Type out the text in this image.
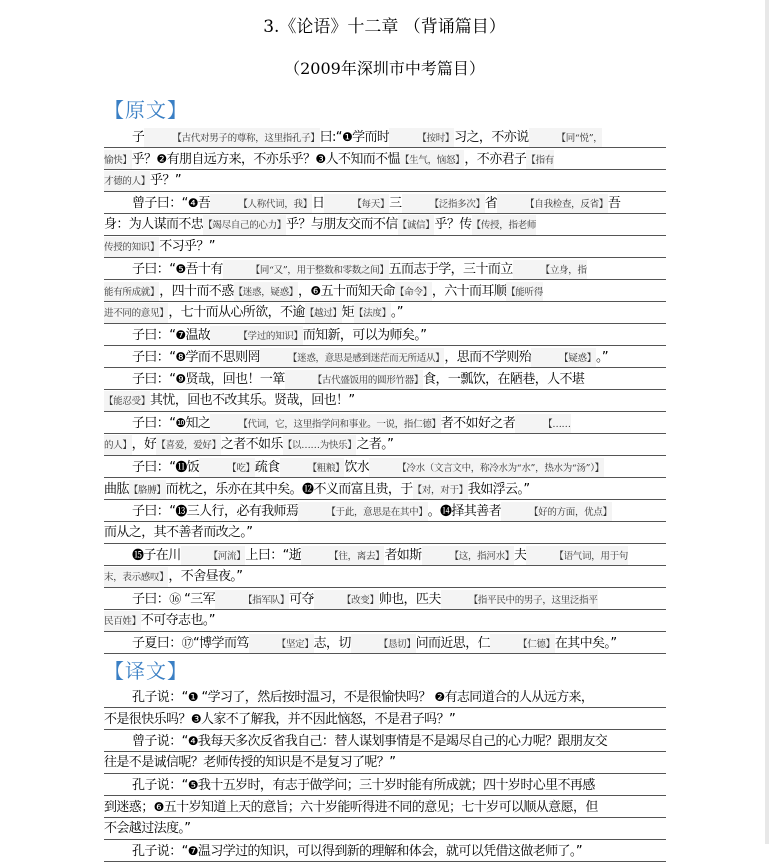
3.《论语》十二章 （背诵篇目）
（2009年深圳市中考篇目）
【原文】
子	【古代对男子的尊称，这里指孔子】曰:“❶学而时	【按时】习之，不亦说	【同“悦”，
愉快】乎？❷有朋自远方来，不亦乐乎？❸人不知而不愠【生气，恼怒】，不亦君子【指有
才德的人】乎？”
曾子曰：“❹吾	【人称代词，我】日	【每天】三	【泛指多次】省	【自我检查，反省】吾
身：为人谋而不忠【竭尽自己的心力】乎？与朋友交而不信【诚信】乎？传【传授，指老师
传授的知识】不习乎？”
子曰：“❺吾十有	【同“又”，用于整数和零数之间】五而志于学，三十而立	【立身，指
能有所成就】，四十而不惑【迷惑，疑惑】，❻五十而知天命【命令】，六十而耳顺【能听得
进不同的意见】，七十而从心所欲，不逾【越过】矩【法度】。”
子曰：“❼温故	【学过的知识】而知新，可以为师矣。”
子曰：“❽学而不思则罔	【迷惑，意思是感到迷茫而无所适从】，思而不学则殆	【疑惑】。”
子曰：“❾贤哉，回也！一箪	【古代盛饭用的圆形竹器】食，一瓢饮，在陋巷，人不堪
【能忍受】其忧，回也不改其乐。贤哉，回也！”
子曰：“❿知之	【代词，它，这里指学问和事业。一说，指仁德】者不如好之者	【……
的人】，好【喜爱，爱好】之者不如乐【以……为快乐】之者。”
子曰：“⓫饭	【吃】疏食	【粗粮】饮水	【冷水（文言文中，称冷水为“水”，热水为“汤”）】
曲肱【胳膊】而枕之，乐亦在其中矣。⓬不义而富且贵，于【对，对于】我如浮云。”
子曰：“⓭三人行，必有我师焉	【于此，意思是在其中】。⓮择其善者	【好的方面，优点】
而从之，其不善者而改之。”
⓯子在川	【河流】上曰：“逝	【往，离去】者如斯	【这，指河水】夫	【语气词，用于句
末，表示感叹】，不舍昼夜。”
子曰：⑯ “三军	【指军队】可夺	【改变】帅也，匹夫	【指平民中的男子，这里泛指平
民百姓】不可夺志也。”
子夏曰：⑰“博学而笃	【坚定】志，切	【恳切】问而近思，仁	【仁德】在其中矣。”
【译文】
孔子说：“❶ “学习了，然后按时温习，不是很愉快吗？ ❷有志同道合的人从远方来，
不是很快乐吗？❸人家不了解我，并不因此恼怒，不是君子吗？”
曾子说：“❹我每天多次反省我自己：替人谋划事情是不是竭尽自己的心力呢？跟朋友交
往是不是诚信呢？老师传授的知识是不是复习了呢？”
孔子说：“❺我十五岁时，有志于做学问；三十岁时能有所成就；四十岁时心里不再感
到迷惑；❻五十岁知道上天的意旨；六十岁能听得进不同的意见；七十岁可以顺从意愿，但
不会越过法度。”
孔子说：“❼温习学过的知识，可以得到新的理解和体会，就可以凭借这做老师了。”
